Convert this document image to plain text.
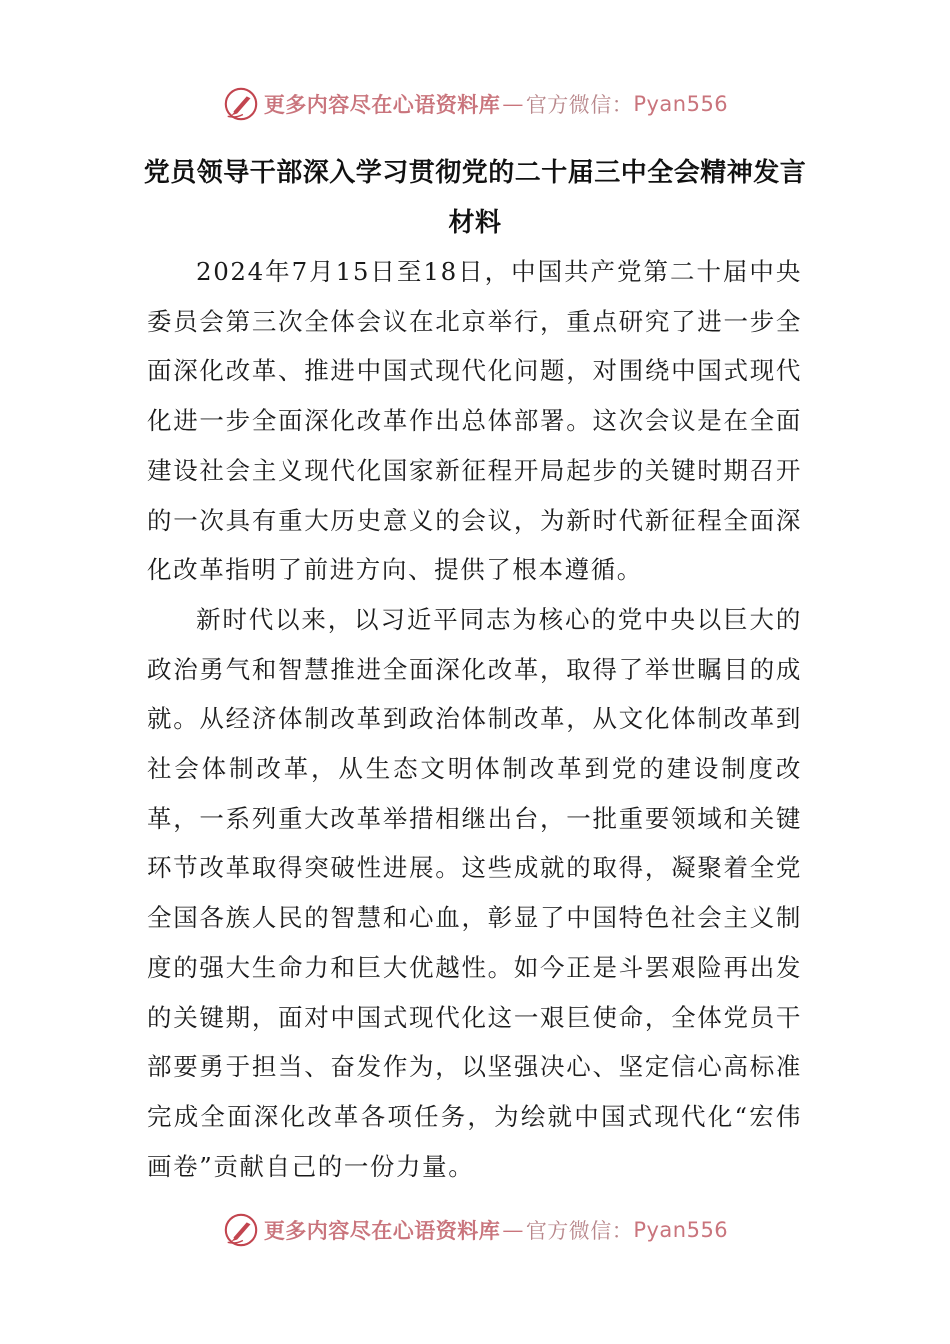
更多内容尽在心语资料库 — 官方微信： Pyan556
党员领导干部深入学习贯彻党的二十届三中全会精神发言材料

2024年7月15日至18日，中国共产党第二十届中央委员会第三次全体会议在北京举行，重点研究了进一步全面深化改革、推进中国式现代化问题，对围绕中国式现代化进一步全面深化改革作出总体部署。这次会议是在全面建设社会主义现代化国家新征程开局起步的关键时期召开的一次具有重大历史意义的会议，为新时代新征程全面深化改革指明了前进方向、提供了根本遵循。

新时代以来，以习近平同志为核心的党中央以巨大的政治勇气和智慧推进全面深化改革，取得了举世瞩目的成就。从经济体制改革到政治体制改革，从文化体制改革到社会体制改革，从生态文明体制改革到党的建设制度改革，一系列重大改革举措相继出台，一批重要领域和关键环节改革取得突破性进展。这些成就的取得，凝聚着全党全国各族人民的智慧和心血，彰显了中国特色社会主义制度的强大生命力和巨大优越性。如今正是斗罢艰险再出发的关键期，面对中国式现代化这一艰巨使命，全体党员干部要勇于担当、奋发作为，以坚强决心、坚定信心高标准完成全面深化改革各项任务，为绘就中国式现代化“宏伟画卷”贡献自己的一份力量。

更多内容尽在心语资料库 — 官方微信： Pyan556
